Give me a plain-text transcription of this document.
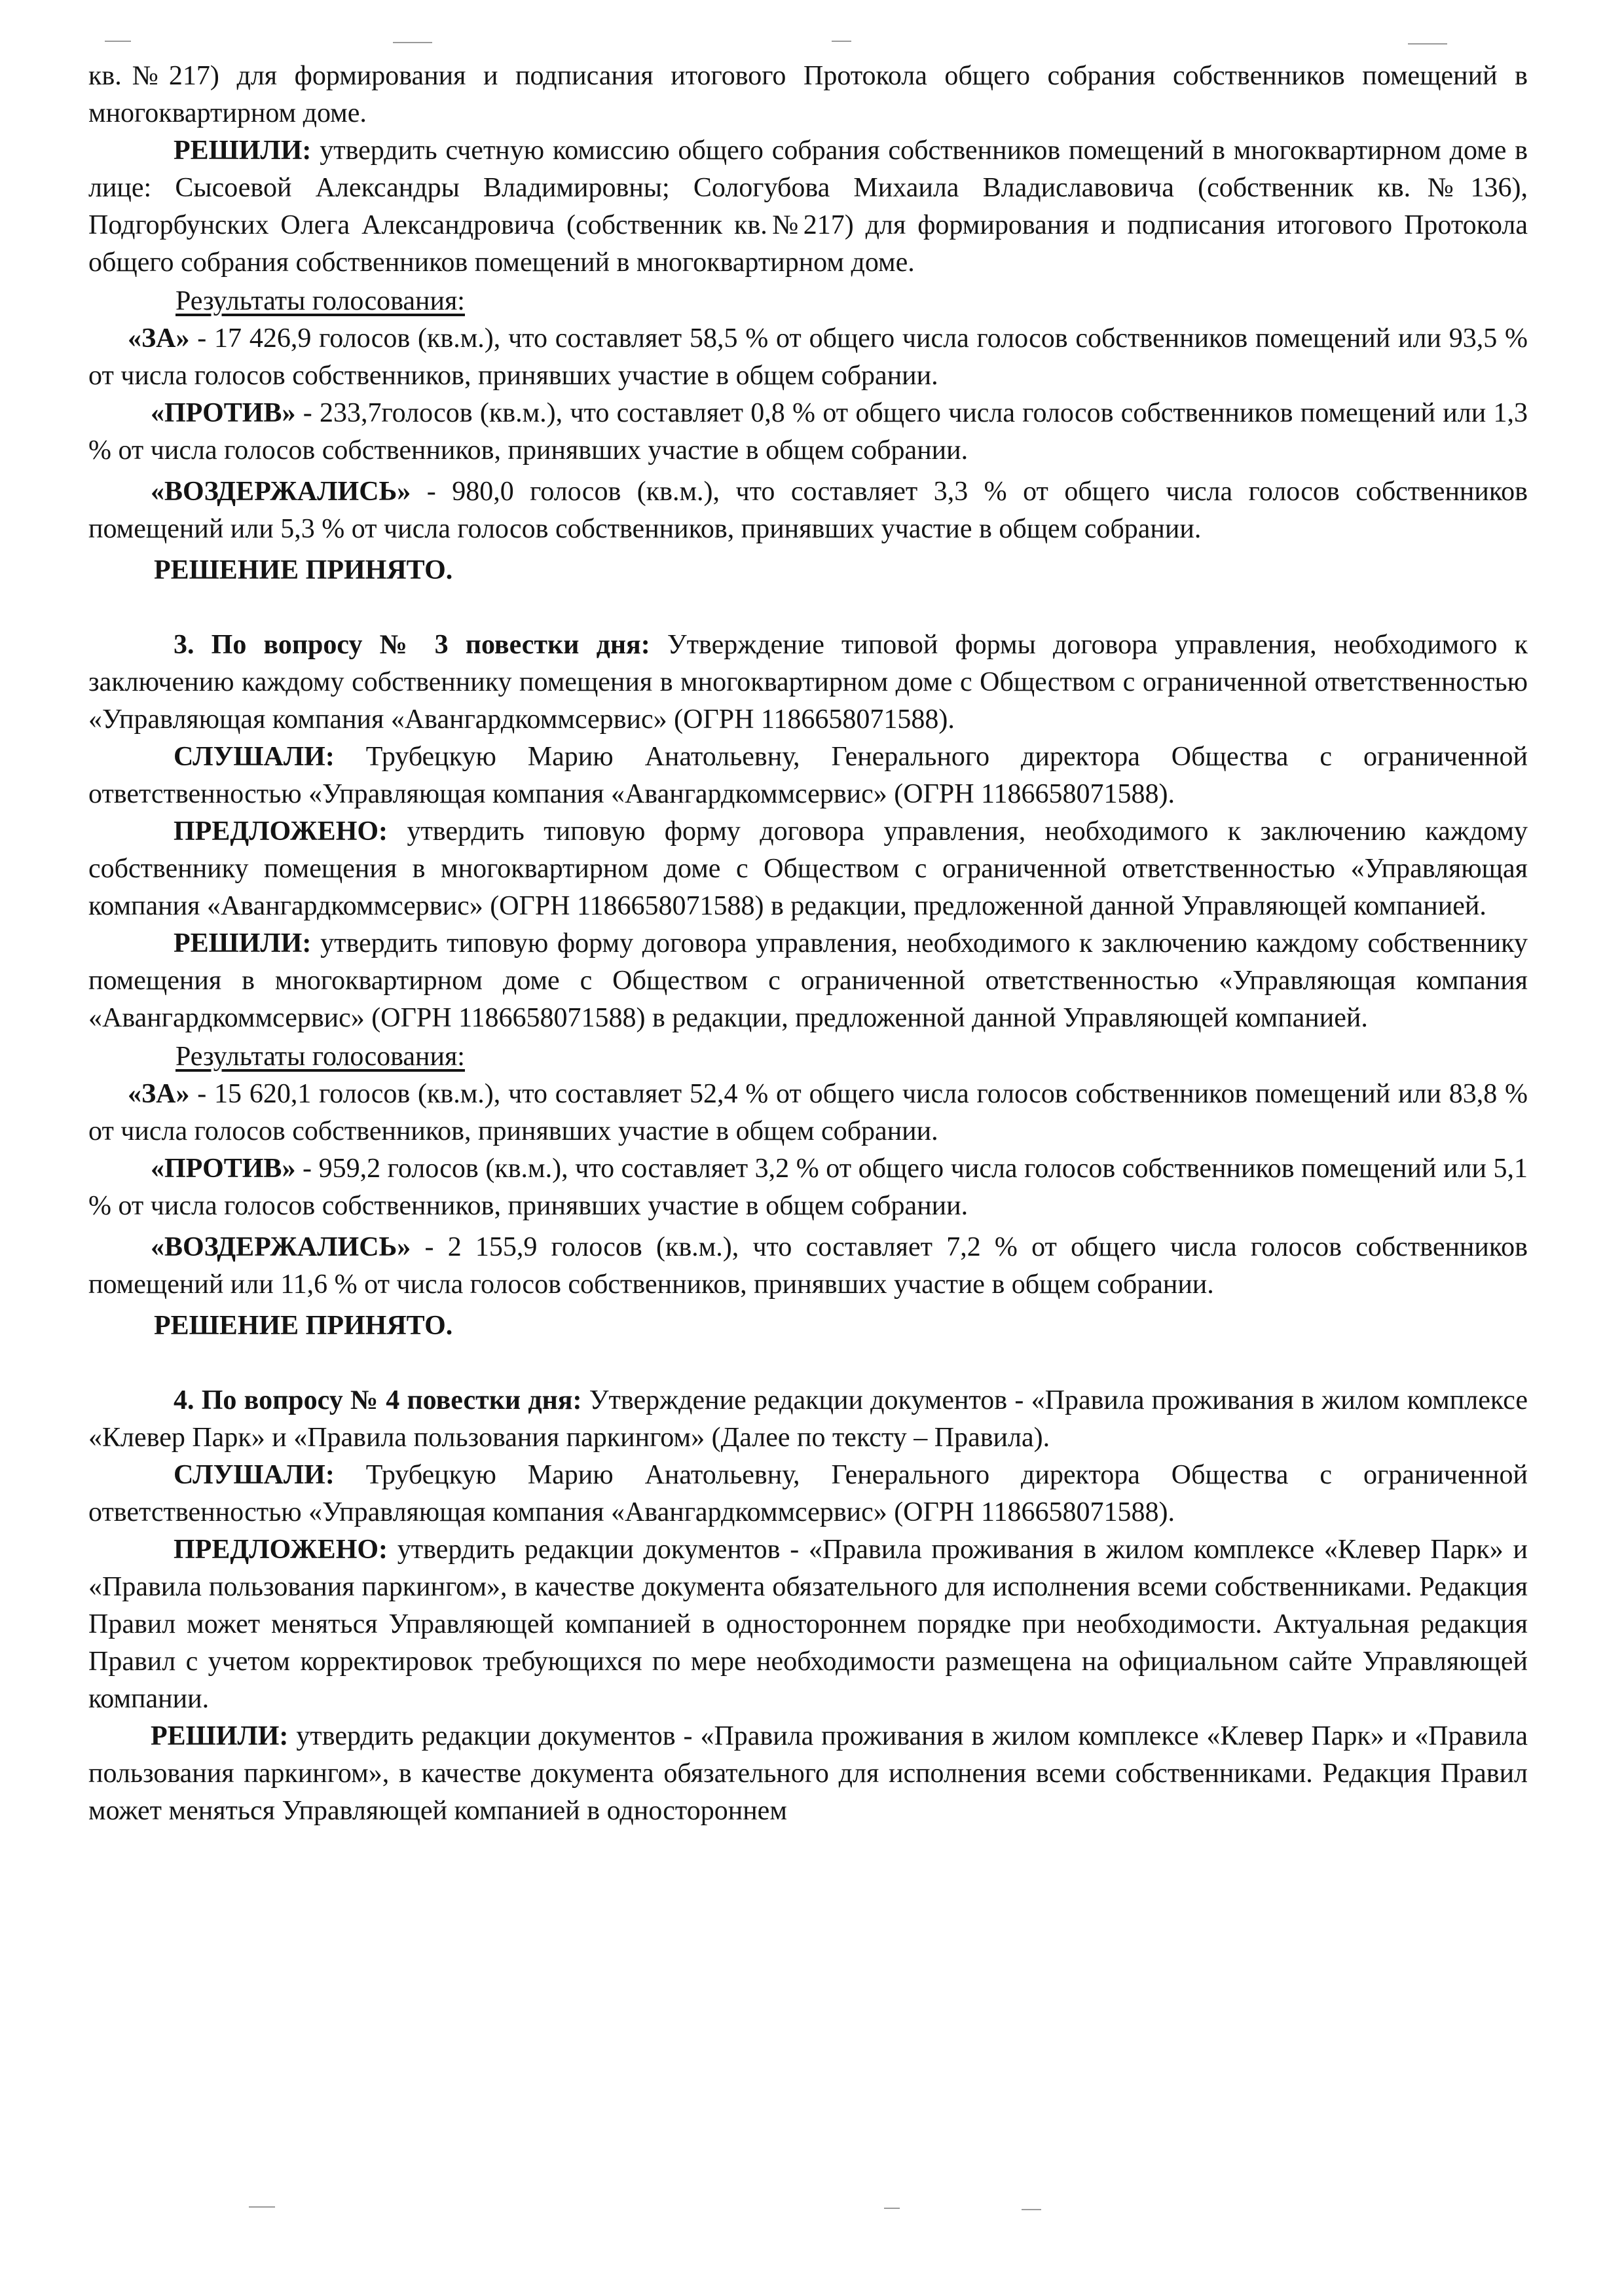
кв.№217) для формирования и подписания итогового Протокола общего собрания собственников помещений в многоквартирном доме.

РЕШИЛИ: утвердить счетную комиссию общего собрания собственников помещений в многоквартирном доме в лице: Сысоевой Александры Владимировны; Сологубова Михаила Владиславовича (собственник кв.№136), Подгорбунских Олега Александровича (собственник кв.№217) для формирования и подписания итогового Протокола общего собрания собственников помещений в многоквартирном доме.

Результаты голосования:

«ЗА» - 17 426,9 голосов (кв.м.), что составляет 58,5 % от общего числа голосов собственников помещений или 93,5 % от числа голосов собственников, принявших участие в общем собрании.

«ПРОТИВ» - 233,7голосов (кв.м.), что составляет 0,8 % от общего числа голосов собственников помещений или 1,3 % от числа голосов собственников, принявших участие в общем собрании.

«ВОЗДЕРЖАЛИСЬ» - 980,0 голосов (кв.м.), что составляет 3,3 % от общего числа голосов собственников помещений или 5,3 % от числа голосов собственников, принявших участие в общем собрании.

РЕШЕНИЕ ПРИНЯТО.

3. По вопросу № 3 повестки дня: Утверждение типовой формы договора управления, необходимого к заключению каждому собственнику помещения в многоквартирном доме с Обществом с ограниченной ответственностью «Управляющая компания «Авангардкоммсервис» (ОГРН 1186658071588).

СЛУШАЛИ: Трубецкую Марию Анатольевну, Генерального директора Общества с ограниченной ответственностью «Управляющая компания «Авангардкоммсервис» (ОГРН 1186658071588).

ПРЕДЛОЖЕНО: утвердить типовую форму договора управления, необходимого к заключению каждому собственнику помещения в многоквартирном доме с Обществом с ограниченной ответственностью «Управляющая компания «Авангардкоммсервис» (ОГРН 1186658071588) в редакции, предложенной данной Управляющей компанией.

РЕШИЛИ: утвердить типовую форму договора управления, необходимого к заключению каждому собственнику помещения в многоквартирном доме с Обществом с ограниченной ответственностью «Управляющая компания «Авангардкоммсервис» (ОГРН 1186658071588) в редакции, предложенной данной Управляющей компанией.

Результаты голосования:

«ЗА» - 15 620,1 голосов (кв.м.), что составляет 52,4 % от общего числа голосов собственников помещений или 83,8 % от числа голосов собственников, принявших участие в общем собрании.

«ПРОТИВ» - 959,2 голосов (кв.м.), что составляет 3,2 % от общего числа голосов собственников помещений или 5,1 % от числа голосов собственников, принявших участие в общем собрании.

«ВОЗДЕРЖАЛИСЬ» - 2 155,9 голосов (кв.м.), что составляет 7,2 % от общего числа голосов собственников помещений или 11,6 % от числа голосов собственников, принявших участие в общем собрании.

РЕШЕНИЕ ПРИНЯТО.

4. По вопросу № 4 повестки дня: Утверждение редакции документов - «Правила проживания в жилом комплексе «Клевер Парк» и «Правила пользования паркингом» (Далее по тексту – Правила).

СЛУШАЛИ: Трубецкую Марию Анатольевну, Генерального директора Общества с ограниченной ответственностью «Управляющая компания «Авангардкоммсервис» (ОГРН 1186658071588).

ПРЕДЛОЖЕНО: утвердить редакции документов - «Правила проживания в жилом комплексе «Клевер Парк» и «Правила пользования паркингом», в качестве документа обязательного для исполнения всеми собственниками. Редакция Правил может меняться Управляющей компанией в одностороннем порядке при необходимости. Актуальная редакция Правил с учетом корректировок требующихся по мере необходимости размещена на официальном сайте Управляющей компании.

РЕШИЛИ: утвердить редакции документов - «Правила проживания в жилом комплексе «Клевер Парк» и «Правила пользования паркингом», в качестве документа обязательного для исполнения всеми собственниками. Редакция Правил может меняться Управляющей компанией в одностороннем
